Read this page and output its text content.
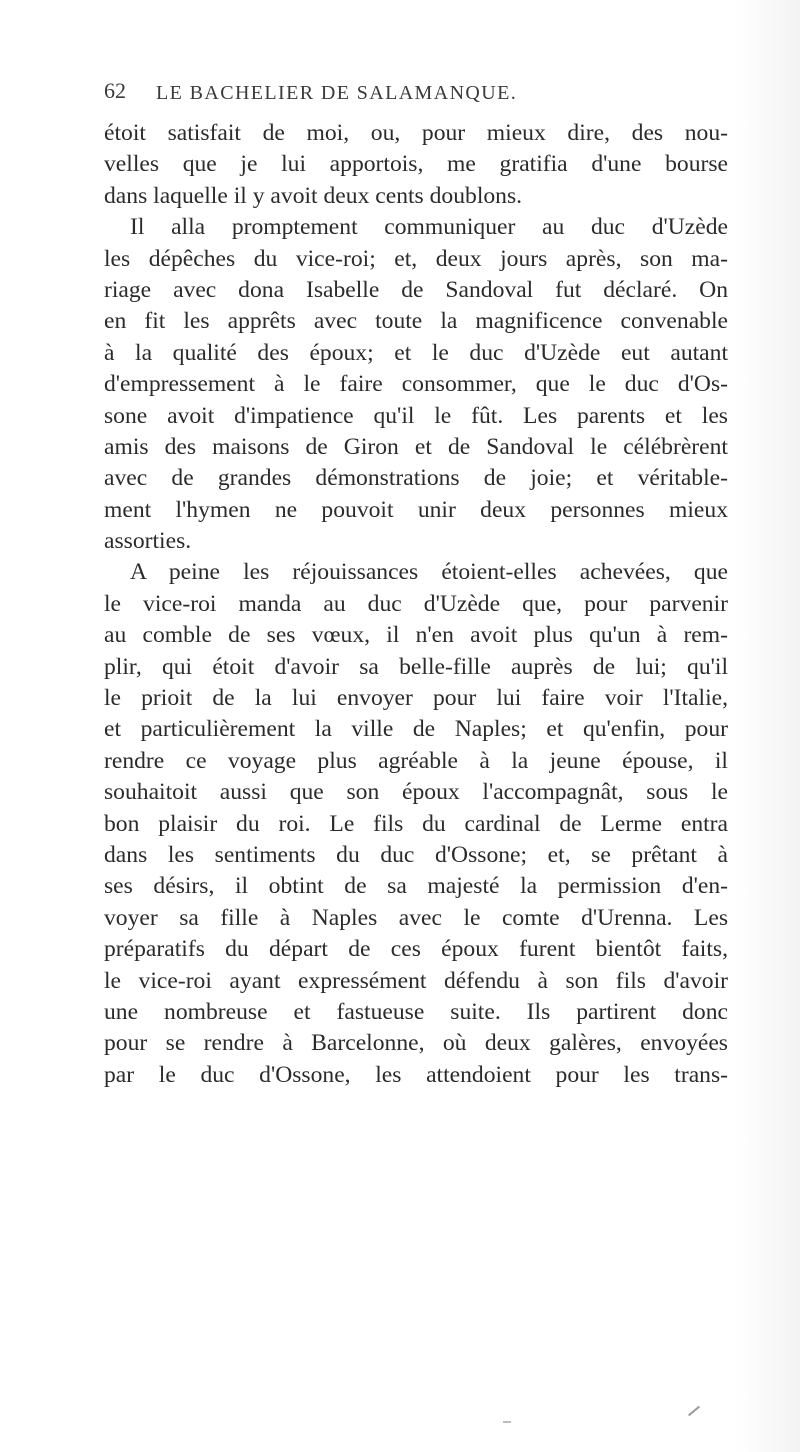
62 LE BACHELIER DE SALAMANQUE.
étoit satisfait de moi, ou, pour mieux dire, des nou-
velles que je lui apportois, me gratifia d'une bourse
dans laquelle il y avoit deux cents doublons.
Il alla promptement communiquer au duc d'Uzède
les dépêches du vice-roi; et, deux jours après, son ma-
riage avec dona Isabelle de Sandoval fut déclaré. On
en fit les apprêts avec toute la magnificence convenable
à la qualité des époux; et le duc d'Uzède eut autant
d'empressement à le faire consommer, que le duc d'Os-
sone avoit d'impatience qu'il le fût. Les parents et les
amis des maisons de Giron et de Sandoval le célébrèrent
avec de grandes démonstrations de joie; et véritable-
ment l'hymen ne pouvoit unir deux personnes mieux
assorties.
A peine les réjouissances étoient-elles achevées, que
le vice-roi manda au duc d'Uzède que, pour parvenir
au comble de ses vœux, il n'en avoit plus qu'un à rem-
plir, qui étoit d'avoir sa belle-fille auprès de lui; qu'il
le prioit de la lui envoyer pour lui faire voir l'Italie,
et particulièrement la ville de Naples; et qu'enfin, pour
rendre ce voyage plus agréable à la jeune épouse, il
souhaitoit aussi que son époux l'accompagnât, sous le
bon plaisir du roi. Le fils du cardinal de Lerme entra
dans les sentiments du duc d'Ossone; et, se prêtant à
ses désirs, il obtint de sa majesté la permission d'en-
voyer sa fille à Naples avec le comte d'Urenna. Les
préparatifs du départ de ces époux furent bientôt faits,
le vice-roi ayant expressément défendu à son fils d'avoir
une nombreuse et fastueuse suite. Ils partirent donc
pour se rendre à Barcelonne, où deux galères, envoyées
par le duc d'Ossone, les attendoient pour les trans-
